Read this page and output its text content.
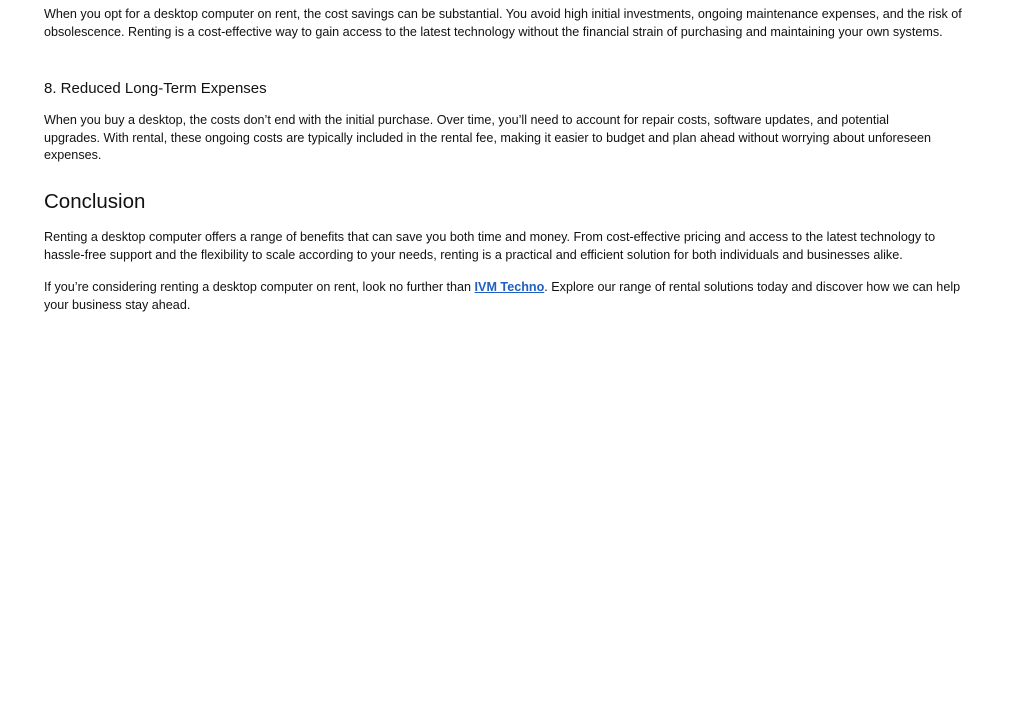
When you opt for a desktop computer on rent, the cost savings can be substantial. You avoid high initial investments, ongoing maintenance expenses, and the risk of obsolescence. Renting is a cost-effective way to gain access to the latest technology without the financial strain of purchasing and maintaining your own systems.

8. Reduced Long-Term Expenses

When you buy a desktop, the costs don’t end with the initial purchase. Over time, you’ll need to account for repair costs, software updates, and potential upgrades. With rental, these ongoing costs are typically included in the rental fee, making it easier to budget and plan ahead without worrying about unforeseen expenses.

Conclusion

Renting a desktop computer offers a range of benefits that can save you both time and money. From cost-effective pricing and access to the latest technology to hassle-free support and the flexibility to scale according to your needs, renting is a practical and efficient solution for both individuals and businesses alike.

If you’re considering renting a desktop computer on rent, look no further than IVM Techno. Explore our range of rental solutions today and discover how we can help your business stay ahead.
